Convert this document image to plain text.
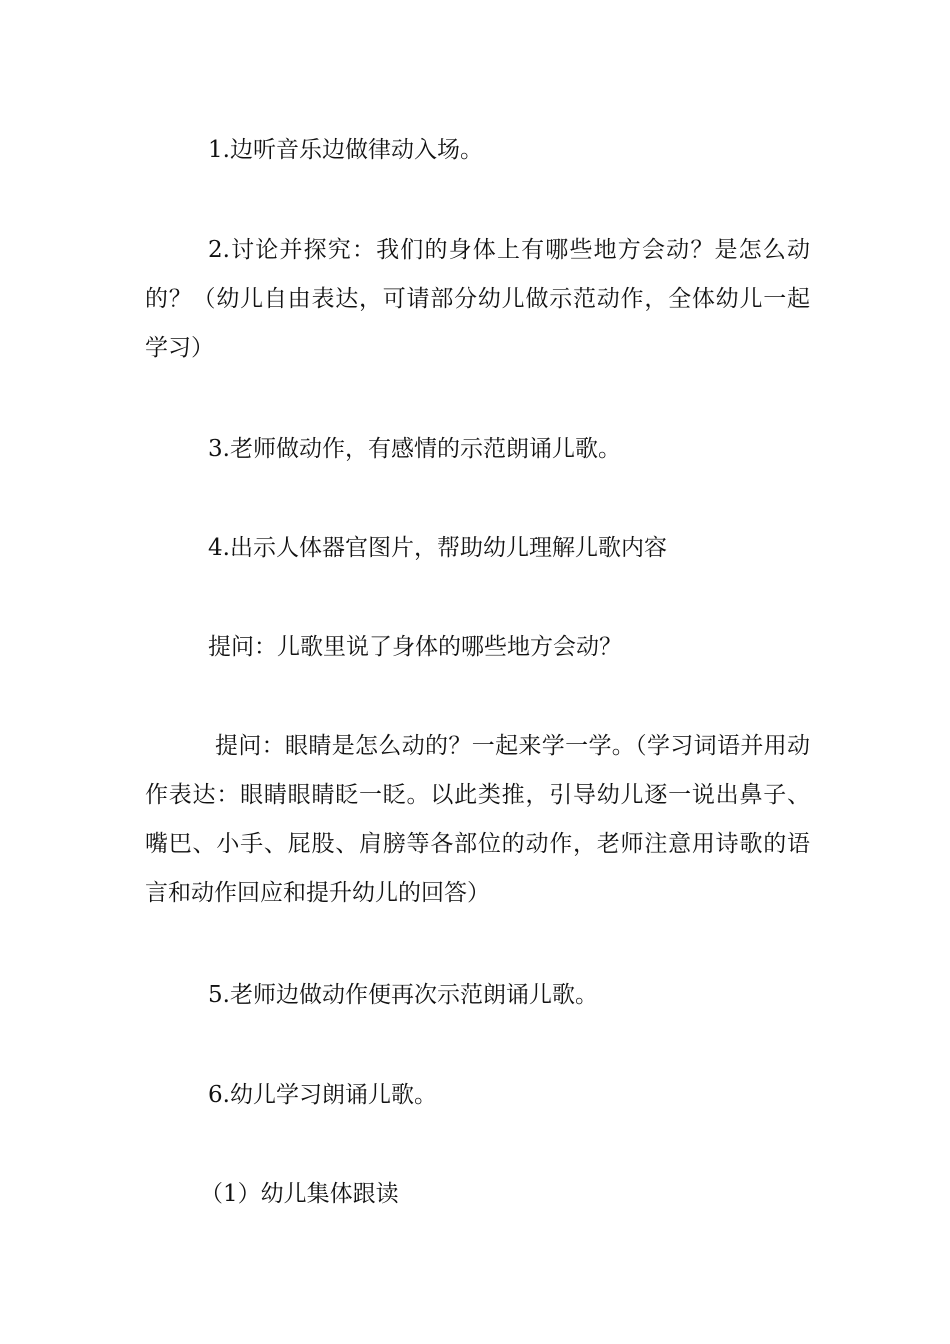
1.边听音乐边做律动入场。

2.讨论并探究：我们的身体上有哪些地方会动？是怎么动的？（幼儿自由表达，可请部分幼儿做示范动作，全体幼儿一起学习）

3.老师做动作，有感情的示范朗诵儿歌。

4.出示人体器官图片，帮助幼儿理解儿歌内容

提问：儿歌里说了身体的哪些地方会动？

提问：眼睛是怎么动的？一起来学一学。（学习词语并用动作表达：眼睛眼睛眨一眨。以此类推，引导幼儿逐一说出鼻子、嘴巴、小手、屁股、肩膀等各部位的动作，老师注意用诗歌的语言和动作回应和提升幼儿的回答）

5.老师边做动作便再次示范朗诵儿歌。

6.幼儿学习朗诵儿歌。

（1）幼儿集体跟读
